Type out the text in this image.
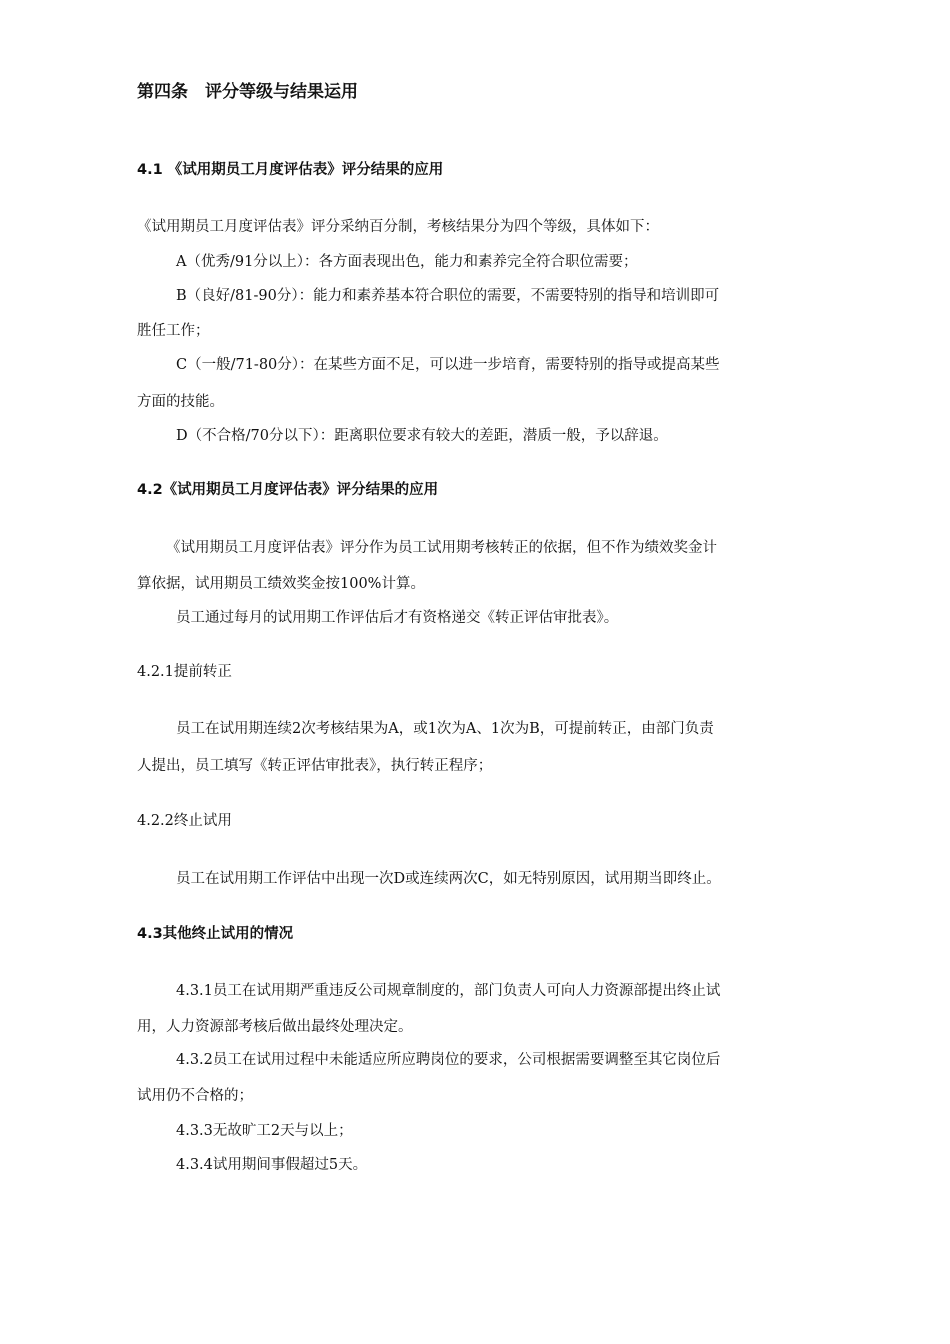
第四条　评分等级与结果运用
4.1 《试用期员工月度评估表》评分结果的应用
《试用期员工月度评估表》评分采纳百分制，考核结果分为四个等级，具体如下：
A（优秀/91分以上）：各方面表现出色，能力和素养完全符合职位需要；
B（良好/81-90分）：能力和素养基本符合职位的需要，不需要特别的指导和培训即可
胜任工作；
C（一般/71-80分）：在某些方面不足，可以进一步培育，需要特别的指导或提高某些
方面的技能。
D（不合格/70分以下）：距离职位要求有较大的差距，潜质一般，予以辞退。
4.2《试用期员工月度评估表》评分结果的应用
《试用期员工月度评估表》评分作为员工试用期考核转正的依据，但不作为绩效奖金计
算依据，试用期员工绩效奖金按100%计算。
员工通过每月的试用期工作评估后才有资格递交《转正评估审批表》。
4.2.1提前转正
员工在试用期连续2次考核结果为A，或1次为A、1次为B，可提前转正，由部门负责
人提出，员工填写《转正评估审批表》，执行转正程序；
4.2.2终止试用
员工在试用期工作评估中出现一次D或连续两次C，如无特别原因，试用期当即终止。
4.3其他终止试用的情况
4.3.1员工在试用期严重违反公司规章制度的，部门负责人可向人力资源部提出终止试
用，人力资源部考核后做出最终处理决定。
4.3.2员工在试用过程中未能适应所应聘岗位的要求，公司根据需要调整至其它岗位后
试用仍不合格的；
4.3.3无故旷工2天与以上；
4.3.4试用期间事假超过5天。
